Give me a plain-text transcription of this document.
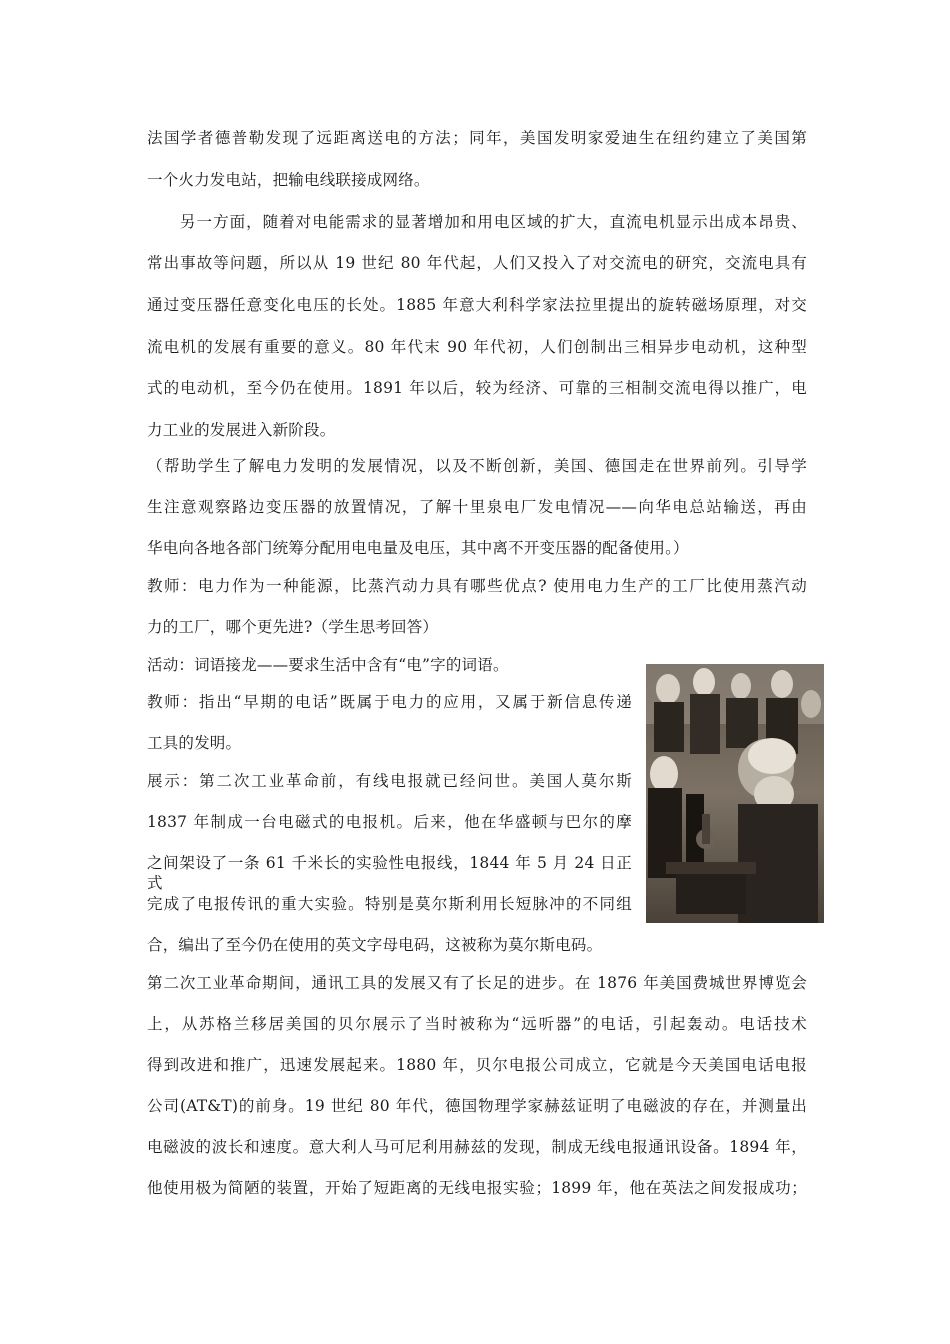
法国学者德普勒发现了远距离送电的方法；同年，美国发明家爱迪生在纽约建立了美国第
一个火力发电站，把输电线联接成网络。
　　另一方面，随着对电能需求的显著增加和用电区域的扩大，直流电机显示出成本昂贵、
常出事故等问题，所以从 19 世纪 80 年代起，人们又投入了对交流电的研究，交流电具有
通过变压器任意变化电压的长处。1885 年意大利科学家法拉里提出的旋转磁场原理，对交
流电机的发展有重要的意义。80 年代末 90 年代初，人们创制出三相异步电动机，这种型
式的电动机，至今仍在使用。1891 年以后，较为经济、可靠的三相制交流电得以推广，电
力工业的发展进入新阶段。
（帮助学生了解电力发明的发展情况，以及不断创新，美国、德国走在世界前列。引导学
生注意观察路边变压器的放置情况，了解十里泉电厂发电情况——向华电总站输送，再由
华电向各地各部门统筹分配用电电量及电压，其中离不开变压器的配备使用。）
教师：电力作为一种能源，比蒸汽动力具有哪些优点? 使用电力生产的工厂比使用蒸汽动
力的工厂，哪个更先进?（学生思考回答）
活动：词语接龙——要求生活中含有“电”字的词语。
教师：指出“早期的电话”既属于电力的应用，又属于新信息传递
工具的发明。
展示：第二次工业革命前，有线电报就已经问世。美国人莫尔斯
1837 年制成一台电磁式的电报机。后来，他在华盛顿与巴尔的摩
之间架设了一条 61 千米长的实验性电报线，1844 年 5 月 24 日正式
完成了电报传讯的重大实验。特别是莫尔斯利用长短脉冲的不同组
合，编出了至今仍在使用的英文字母电码，这被称为莫尔斯电码。
第二次工业革命期间，通讯工具的发展又有了长足的进步。在 1876 年美国费城世界博览会
上，从苏格兰移居美国的贝尔展示了当时被称为“远听器”的电话，引起轰动。电话技术
得到改进和推广，迅速发展起来。1880 年，贝尔电报公司成立，它就是今天美国电话电报
公司(AT&T)的前身。19 世纪 80 年代，德国物理学家赫兹证明了电磁波的存在，并测量出
电磁波的波长和速度。意大利人马可尼利用赫兹的发现，制成无线电报通讯设备。1894 年，
他使用极为简陋的装置，开始了短距离的无线电报实验；1899 年，他在英法之间发报成功；
